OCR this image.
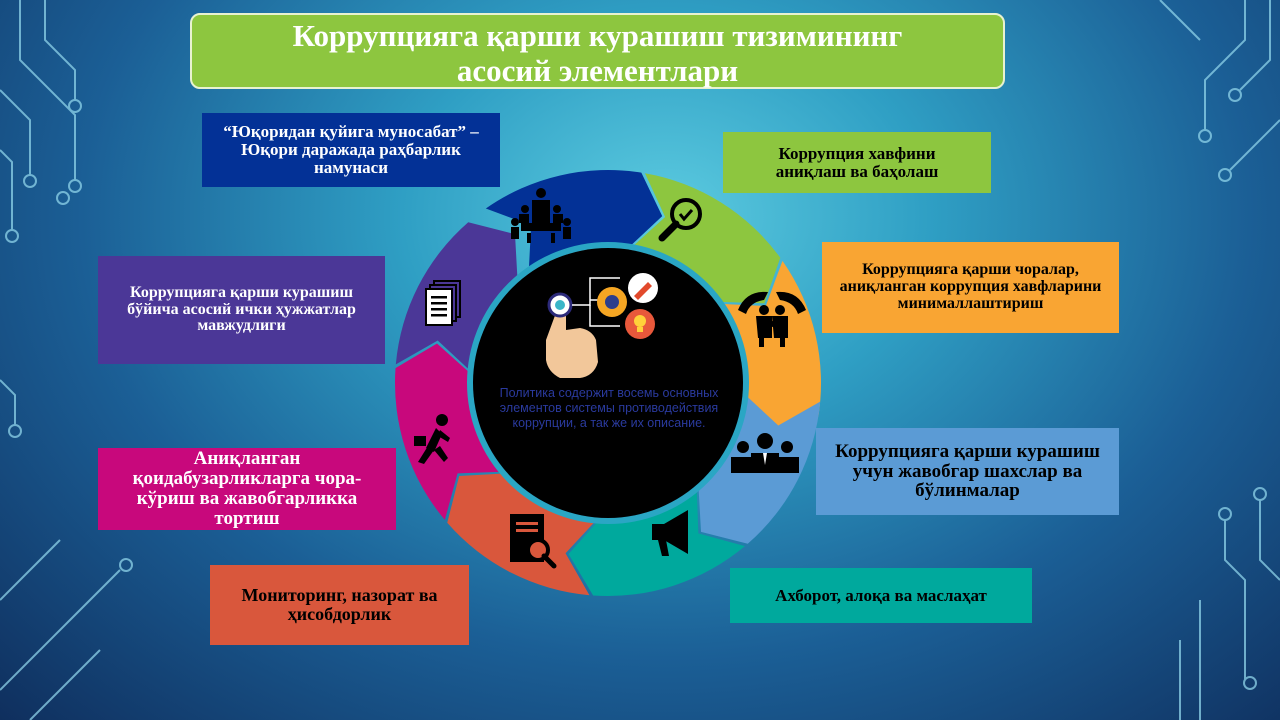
Коррупцияга қарши курашиш тизимининг
асосий элементлари
Политика содержит восемь основных элементов системы противодействия коррупции, а так же их описание.
“Юқоридан қуйига муносабат” – Юқори даражада раҳбарлик намунаси
Коррупция хавфини аниқлаш ва баҳолаш
Коррупцияга қарши чоралар, аниқланган коррупция хавфларини минималлаштириш
Коррупцияга қарши курашиш учун жавобгар шахслар ва бўлинмалар
Ахборот, алоқа ва маслаҳат
Мониторинг, назорат ва ҳисобдорлик
Аниқланган қоидабузарликларга чора-кўриш ва жавобгарликка тортиш
Коррупцияга қарши курашиш бўйича асосий ички ҳужжатлар мавжудлиги
